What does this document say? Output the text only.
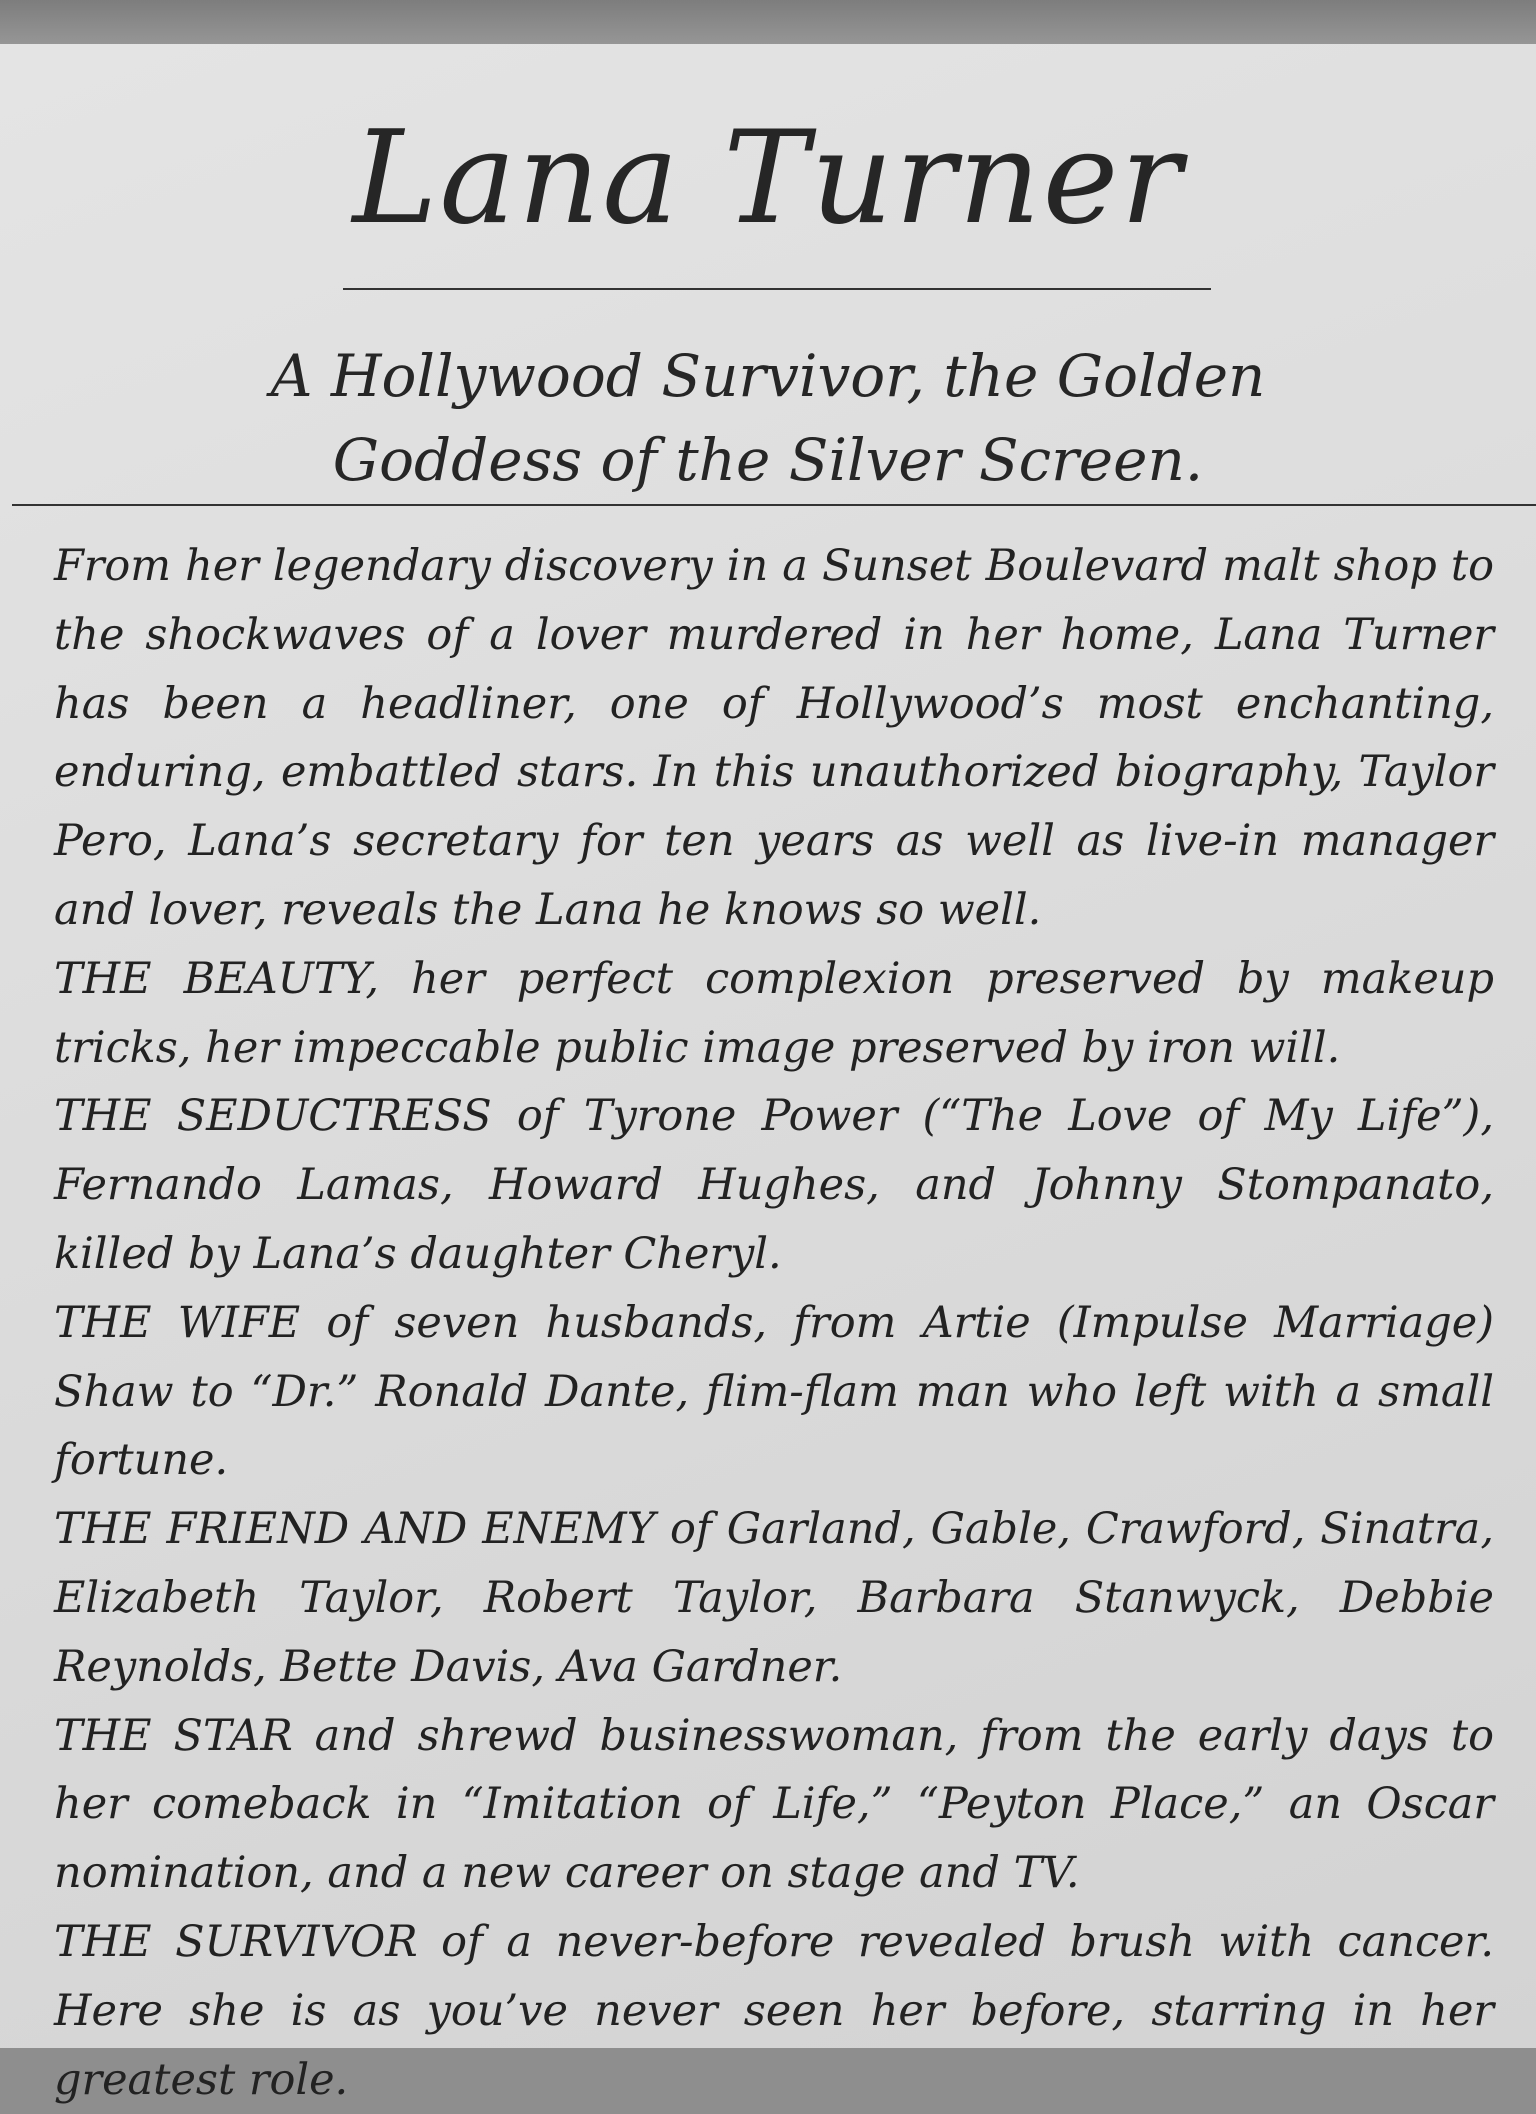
Lana Turner
A Hollywood Survivor, the Golden
Goddess of the Silver Screen.

From her legendary discovery in a Sunset Boulevard malt shop to the shockwaves of a lover murdered in her home, Lana Turner has been a headliner, one of Hollywood’s most enchanting, enduring, embattled stars. In this unauthorized biography, Taylor Pero, Lana’s secretary for ten years as well as live-in manager and lover, reveals the Lana he knows so well.

THE BEAUTY, her perfect complexion preserved by makeup tricks, her impeccable public image preserved by iron will.

THE SEDUCTRESS of Tyrone Power (“The Love of My Life”), Fernando Lamas, Howard Hughes, and Johnny Stompanato, killed by Lana’s daughter Cheryl.

THE WIFE of seven husbands, from Artie (Impulse Marriage) Shaw to “Dr.” Ronald Dante, flim-flam man who left with a small fortune.

THE FRIEND AND ENEMY of Garland, Gable, Crawford, Sinatra, Elizabeth Taylor, Robert Taylor, Barbara Stanwyck, Debbie Reynolds, Bette Davis, Ava Gardner.

THE STAR and shrewd businesswoman, from the early days to her comeback in “Imitation of Life,” “Peyton Place,” an Oscar nomination, and a new career on stage and TV.

THE SURVIVOR of a never-before revealed brush with cancer. Here she is as you’ve never seen her before, starring in her greatest role.
